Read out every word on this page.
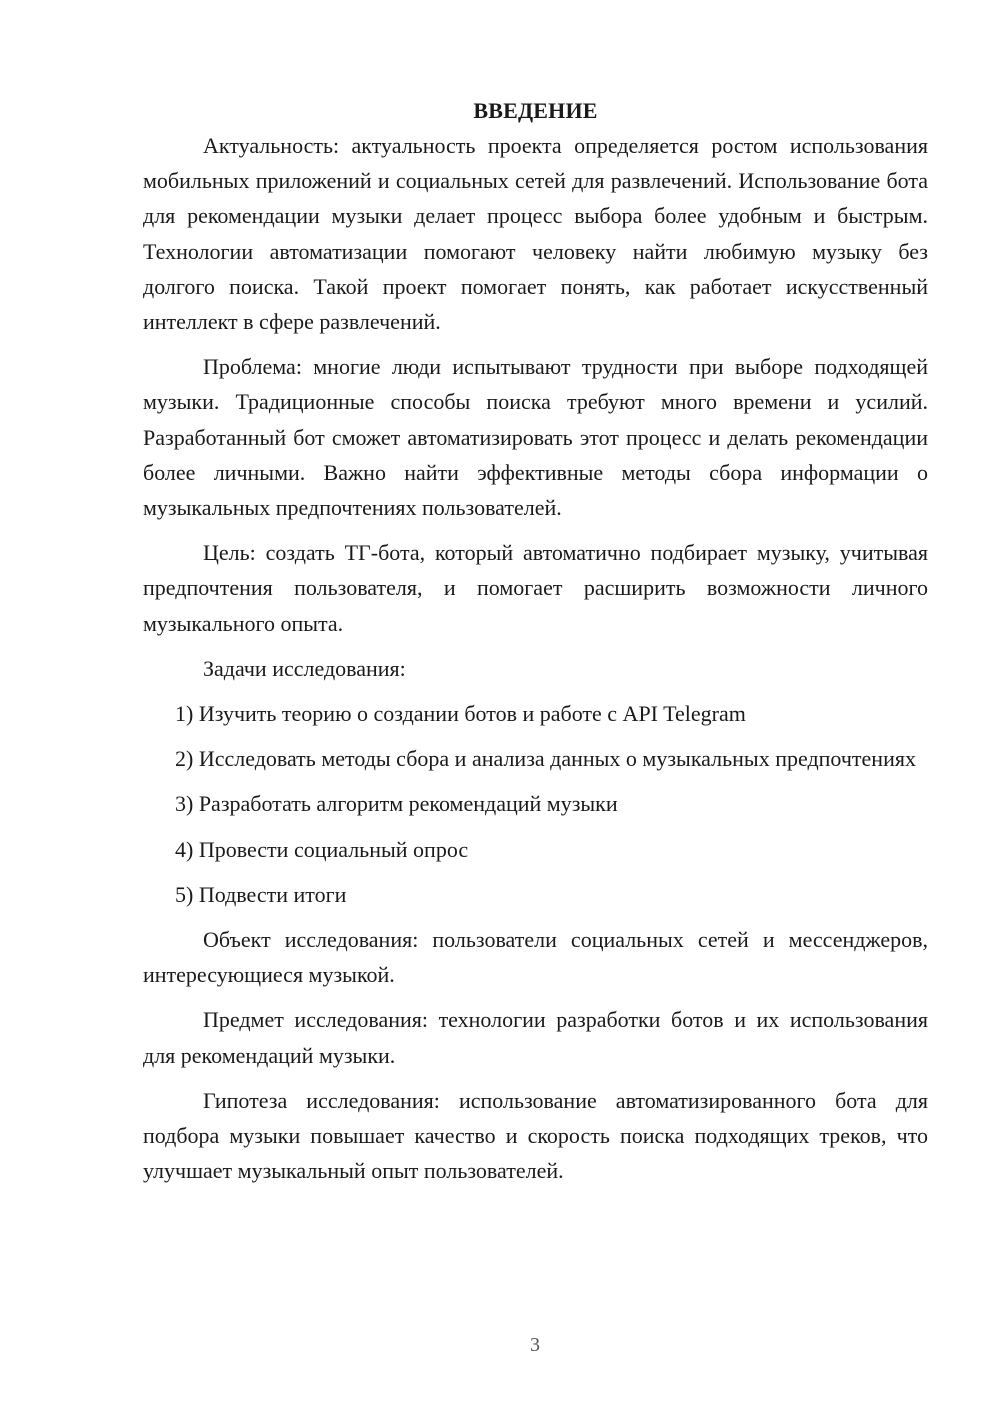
ВВЕДЕНИЕ

Актуальность: актуальность проекта определяется ростом использования мобильных приложений и социальных сетей для развлечений. Использование бота для рекомендации музыки делает процесс выбора более удобным и быстрым. Технологии автоматизации помогают человеку найти любимую музыку без долгого поиска. Такой проект помогает понять, как работает искусственный интеллект в сфере развлечений.

Проблема: многие люди испытывают трудности при выборе подходящей музыки. Традиционные способы поиска требуют много времени и усилий. Разработанный бот сможет автоматизировать этот процесс и делать рекомендации более личными. Важно найти эффективные методы сбора информации о музыкальных предпочтениях пользователей.

Цель: создать ТГ-бота, который автоматично подбирает музыку, учитывая предпочтения пользователя, и помогает расширить возможности личного музыкального опыта.

Задачи исследования:

1) Изучить теорию о создании ботов и работе с API Telegram

2) Исследовать методы сбора и анализа данных о музыкальных предпочтениях

3) Разработать алгоритм рекомендаций музыки

4) Провести социальный опрос

5) Подвести итоги

Объект исследования: пользователи социальных сетей и мессенджеров, интересующиеся музыкой.

Предмет исследования: технологии разработки ботов и их использования для рекомендаций музыки.

Гипотеза исследования: использование автоматизированного бота для подбора музыки повышает качество и скорость поиска подходящих треков, что улучшает музыкальный опыт пользователей.

3
